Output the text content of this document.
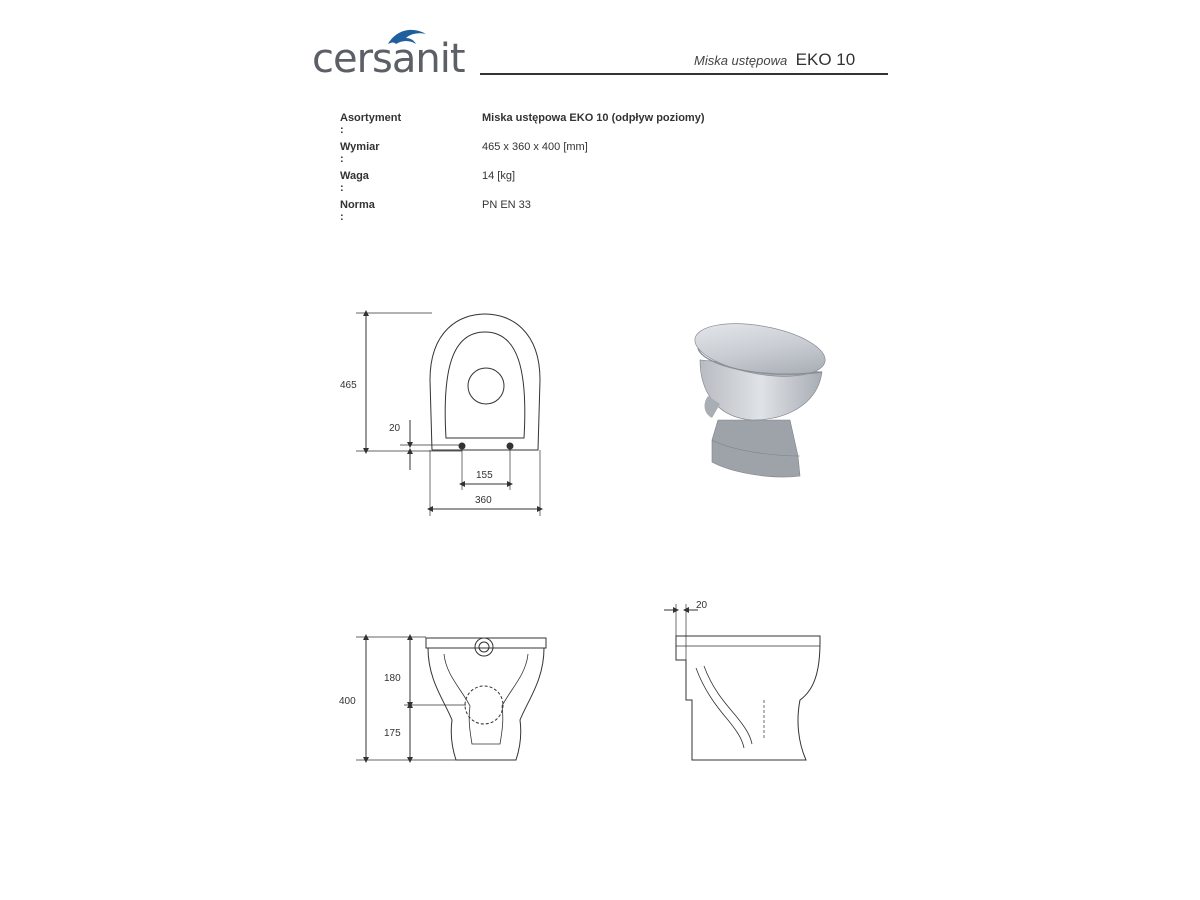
cersanit	Miska ustępowa EKO 10
Asortyment :
Miska ustępowa EKO 10 (odpływ poziomy)
Wymiar :
465 x 360 x 400 [mm]
Waga :
14 [kg]
Norma :
PN EN 33
465
20
155
360
400
180
175
20
